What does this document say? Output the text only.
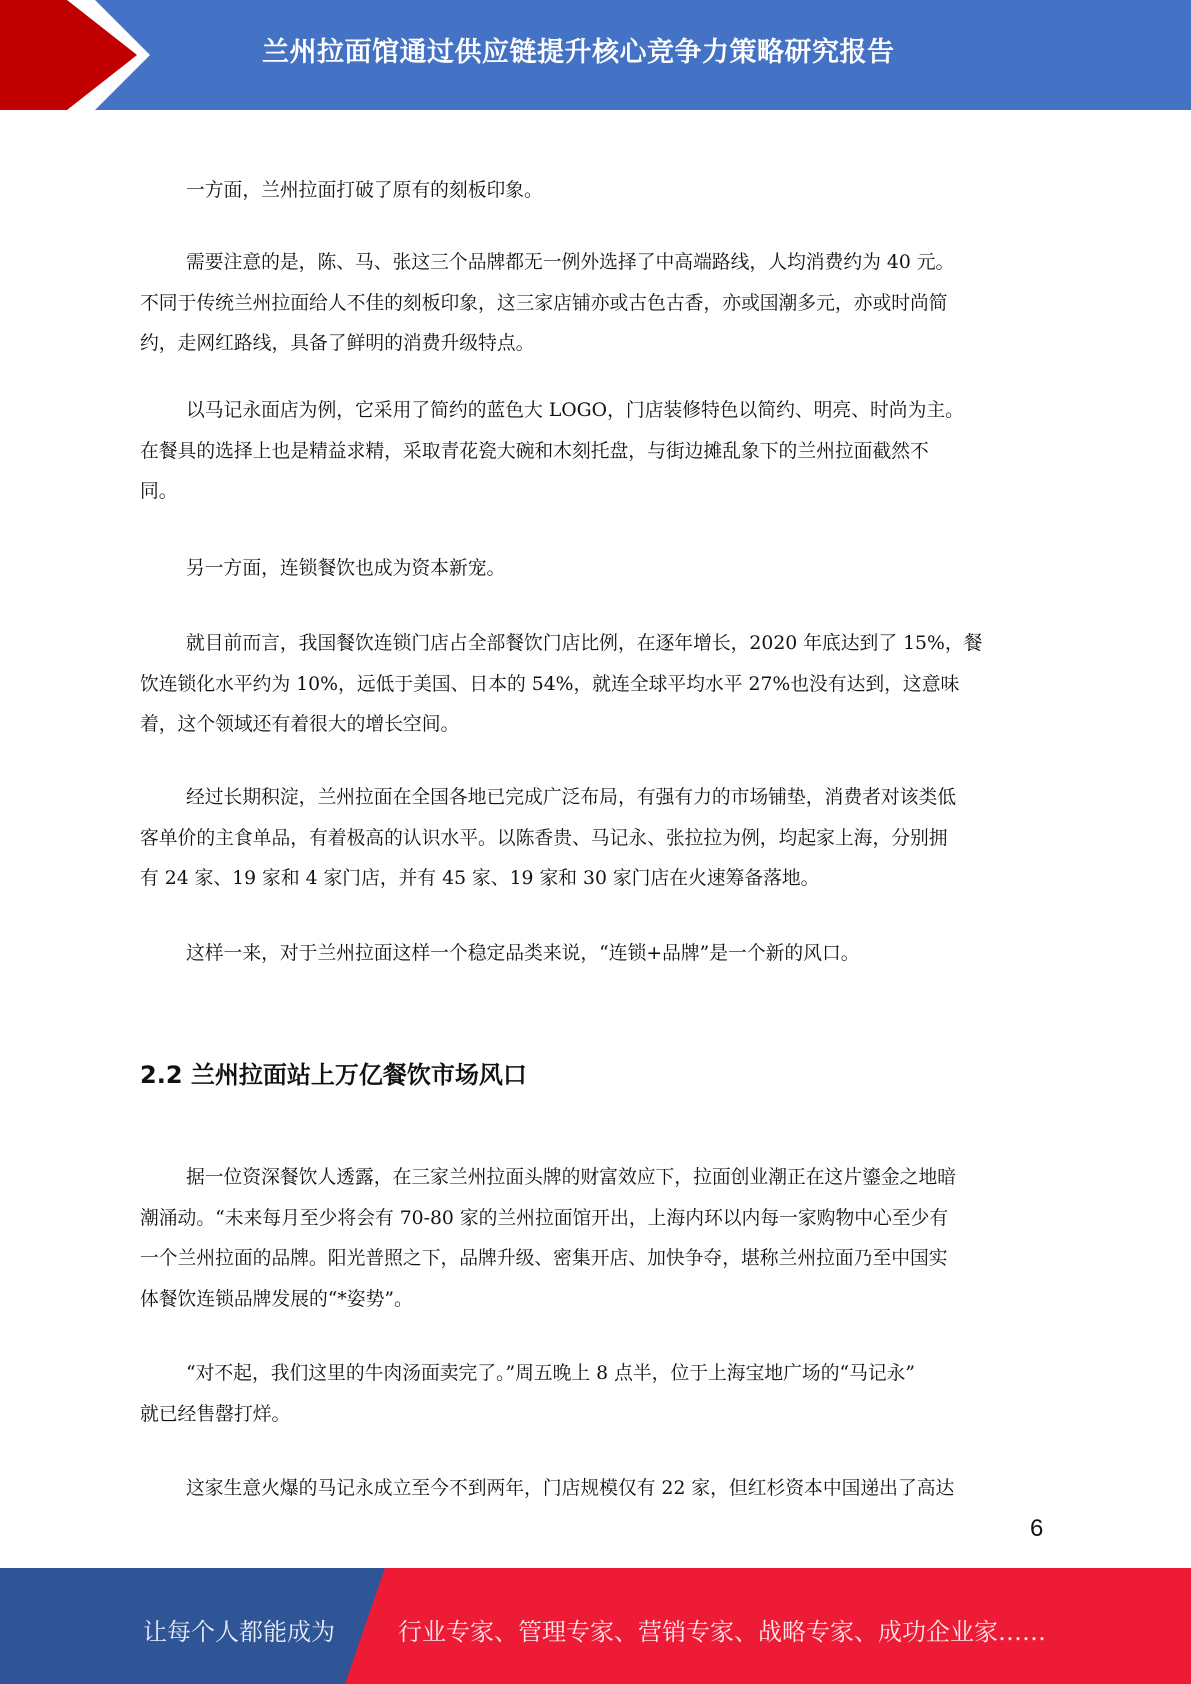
兰州拉面馆通过供应链提升核心竞争力策略研究报告
一方面，兰州拉面打破了原有的刻板印象。
需要注意的是，陈、马、张这三个品牌都无一例外选择了中高端路线，人均消费约为 40 元。
不同于传统兰州拉面给人不佳的刻板印象，这三家店铺亦或古色古香，亦或国潮多元，亦或时尚简
约，走网红路线，具备了鲜明的消费升级特点。
以马记永面店为例，它采用了简约的蓝色大 LOGO，门店装修特色以简约、明亮、时尚为主。
在餐具的选择上也是精益求精，采取青花瓷大碗和木刻托盘，与街边摊乱象下的兰州拉面截然不
同。
另一方面，连锁餐饮也成为资本新宠。
就目前而言，我国餐饮连锁门店占全部餐饮门店比例，在逐年增长，2020 年底达到了 15%，餐
饮连锁化水平约为 10%，远低于美国、日本的 54%，就连全球平均水平 27%也没有达到，这意味
着，这个领域还有着很大的增长空间。
经过长期积淀，兰州拉面在全国各地已完成广泛布局，有强有力的市场铺垫，消费者对该类低
客单价的主食单品，有着极高的认识水平。以陈香贵、马记永、张拉拉为例，均起家上海，分别拥
有 24 家、19 家和 4 家门店，并有 45 家、19 家和 30 家门店在火速筹备落地。
这样一来，对于兰州拉面这样一个稳定品类来说，“连锁+品牌”是一个新的风口。
2.2 兰州拉面站上万亿餐饮市场风口
据一位资深餐饮人透露，在三家兰州拉面头牌的财富效应下，拉面创业潮正在这片鎏金之地暗
潮涌动。“未来每月至少将会有 70-80 家的兰州拉面馆开出，上海内环以内每一家购物中心至少有
一个兰州拉面的品牌。阳光普照之下，品牌升级、密集开店、加快争夺，堪称兰州拉面乃至中国实
体餐饮连锁品牌发展的“*姿势”。
“对不起，我们这里的牛肉汤面卖完了。”周五晚上 8 点半，位于上海宝地广场的“马记永”
就已经售罄打烊。
这家生意火爆的马记永成立至今不到两年，门店规模仅有 22 家，但红杉资本中国递出了高达
6
让每个人都能成为	行业专家、管理专家、营销专家、战略专家、成功企业家……
